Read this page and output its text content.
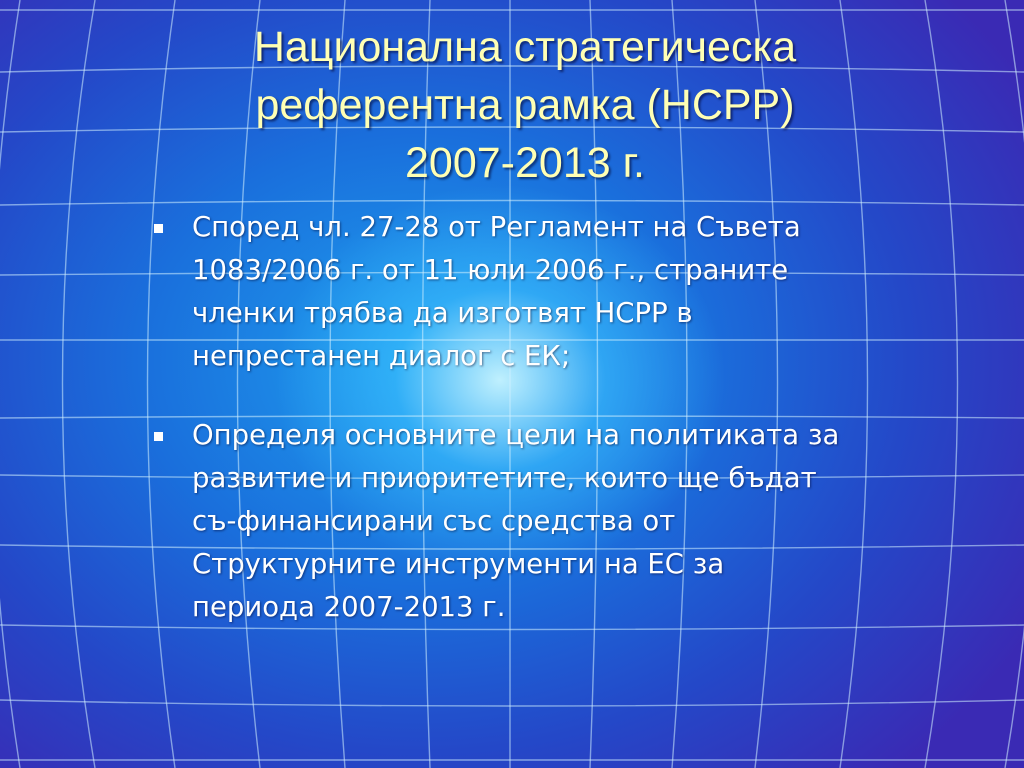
Национална стратегическа
референтна рамка (НСРР)
2007-2013 г.
Според чл. 27-28 от Регламент на Съвета
1083/2006 г. от 11 юли 2006 г., страните
членки трябва да изготвят НСРР в
непрестанен диалог с ЕК;
Определя основните цели на политиката за
развитие и приоритетите, които ще бъдат
съ-финансирани със средства от
Структурните инструменти на ЕС за
периода 2007-2013 г.
